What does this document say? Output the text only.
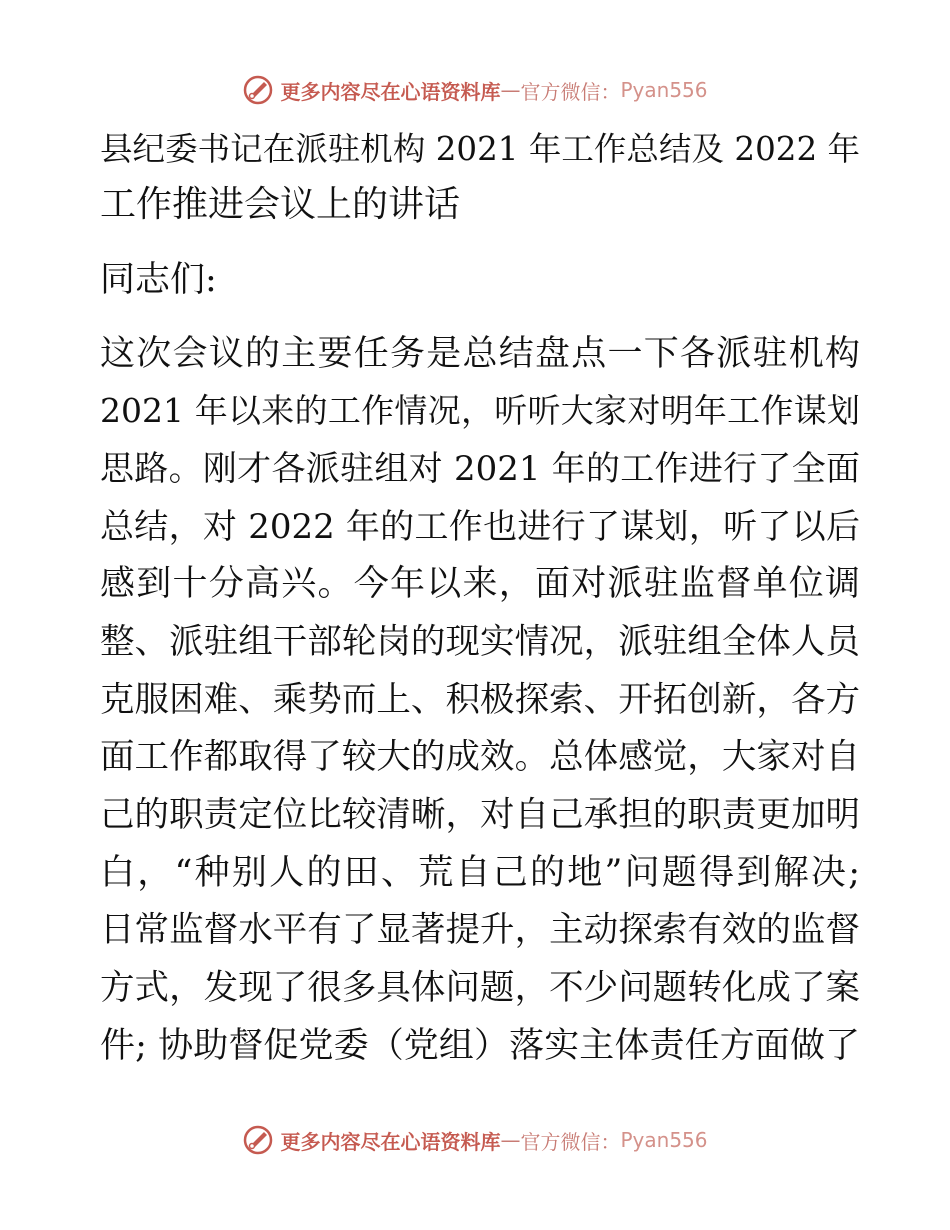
更多内容尽在心语资料库 — 官方微信： Pyan556
县纪委书记在派驻机构 2021 年工作总结及 2022 年
工作推进会议上的讲话
同志们:
这次会议的主要任务是总结盘点一下各派驻机构
2021 年以来的工作情况，听听大家对明年工作谋划
思路。刚才各派驻组对 2021 年的工作进行了全面
总结，对 2022 年的工作也进行了谋划，听了以后
感到十分高兴。今年以来，面对派驻监督单位调
整、派驻组干部轮岗的现实情况，派驻组全体人员
克服困难、乘势而上、积极探索、开拓创新，各方
面工作都取得了较大的成效。总体感觉，大家对自
己的职责定位比较清晰，对自己承担的职责更加明
白，“种别人的田、荒自己的地”问题得到解决;
日常监督水平有了显著提升，主动探索有效的监督
方式，发现了很多具体问题，不少问题转化成了案
件; 协助督促党委（党组）落实主体责任方面做了
更多内容尽在心语资料库 — 官方微信： Pyan556
